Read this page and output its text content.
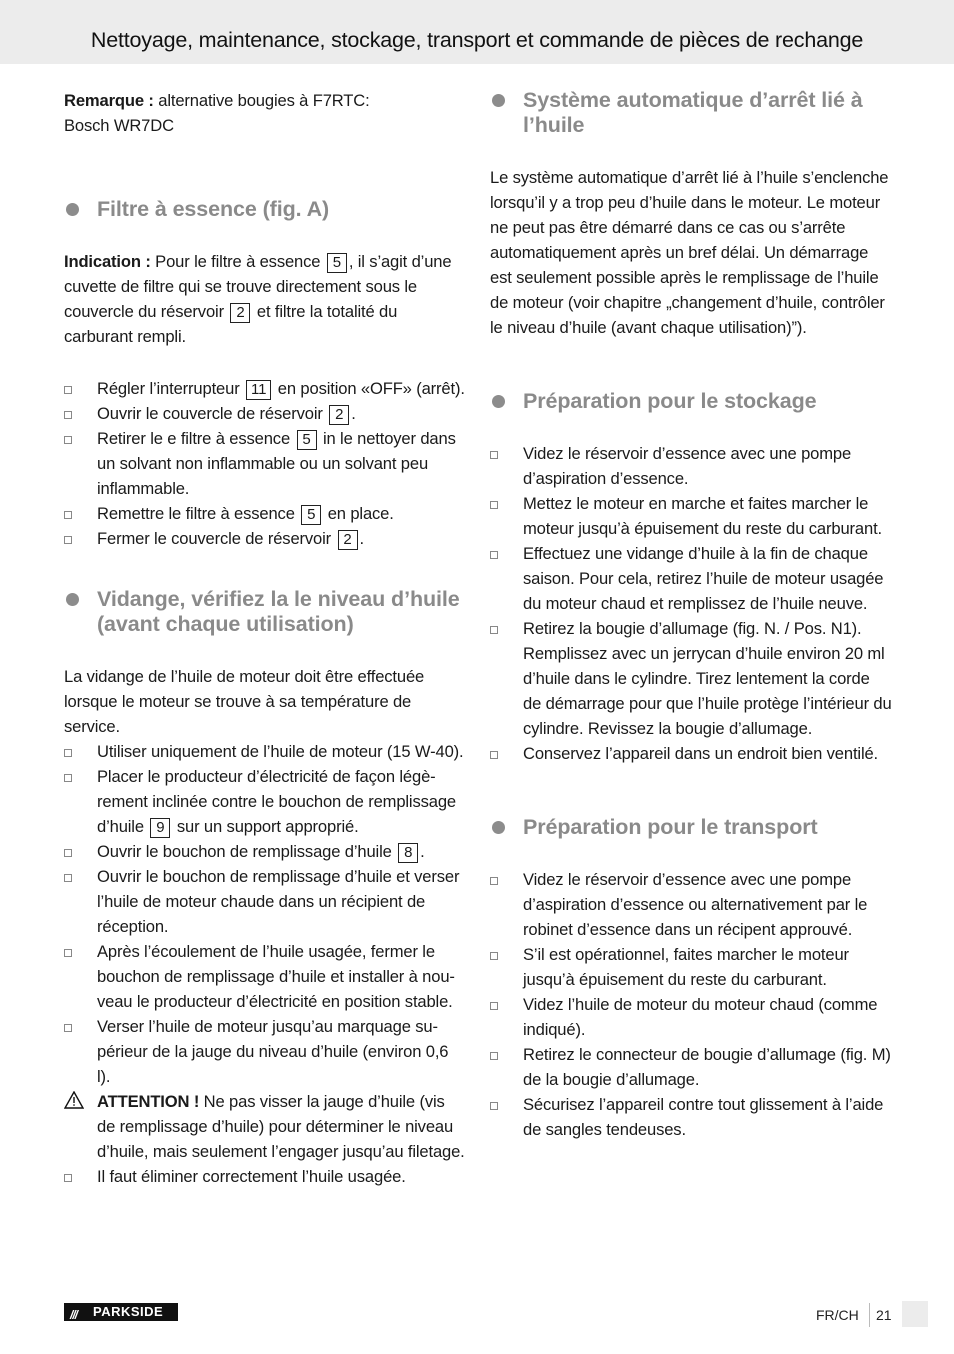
Nettoyage, maintenance, stockage, transport et commande de pièces de rechange

Remarque : alternative bougies à F7RTC:
Bosch WR7DC

Filtre à essence (fig. A)

Indication : Pour le filtre à essence 5 , il s’agit d’une cuvette de filtre qui se trouve directement sous le couvercle du réservoir 2 et filtre la totalité du carburant rempli.

Régler l’interrupteur 11 en position «OFF» (arrêt).
Ouvrir le couvercle de réservoir 2 .
Retirer le e filtre à essence 5 in le nettoyer dans un solvant non inflammable ou un solvant peu inflammable.
Remettre le filtre à essence 5 en place.
Fermer le couvercle de réservoir 2 .
Vidange, vérifiez la le niveau d’huile (avant chaque utilisation)

La vidange de l’huile de moteur doit être effectuée lorsque le moteur se trouve à sa température de service.

Utiliser uniquement de l’huile de moteur (15 W-40).
Placer le producteur d’électricité de façon légèrement inclinée contre le bouchon de remplissage d’huile 9 sur un support approprié.
Ouvrir le bouchon de remplissage d’huile 8 .
Ouvrir le bouchon de remplissage d’huile et verser l’huile de moteur chaude dans un récipient de réception.
Après l’écoulement de l’huile usagée, fermer le bouchon de remplissage d’huile et installer à nouveau le producteur d’électricité en position stable.
Verser l’huile de moteur jusqu’au marquage supérieur de la jauge du niveau d’huile (environ 0,6 l).
ATTENTION ! Ne pas visser la jauge d’huile (vis de remplissage d’huile) pour déterminer le niveau d’huile, mais seulement l’engager jusqu’au filetage.
Il faut éliminer correctement l’huile usagée.
Système automatique d’arrêt lié à l’huile

Le système automatique d’arrêt lié à l’huile s’enclenche lorsqu’il y a trop peu d’huile dans le moteur. Le moteur ne peut pas être démarré dans ce cas ou s’arrête automatiquement après un bref délai. Un démarrage est seulement possible après le remplissage de l’huile de moteur (voir chapitre „changement d’huile, contrôler le niveau d’huile (avant chaque utilisation)”).

Préparation pour le stockage
Videz le réservoir d’essence avec une pompe d’aspiration d’essence.
Mettez le moteur en marche et faites marcher le moteur jusqu’à épuisement du reste du carburant.
Effectuez une vidange d’huile à la fin de chaque saison. Pour cela, retirez l’huile de moteur usagée du moteur chaud et remplissez de l’huile neuve.
Retirez la bougie d’allumage (fig. N. / Pos. N1). Remplissez avec un jerrycan d’huile environ 20 ml d’huile dans le cylindre. Tirez lentement la corde de démarrage pour que l’huile protège l’intérieur du cylindre. Revissez la bougie d’allumage.
Conservez l’appareil dans un endroit bien ventilé.
Préparation pour le transport
Videz le réservoir d’essence avec une pompe d’aspiration d’essence ou alternativement par le robinet d’essence dans un récipent approuvé.
S’il est opérationnel, faites marcher le moteur jusqu’à épuisement du reste du carburant.
Videz l’huile de moteur du moteur chaud (comme indiqué).
Retirez le connecteur de bougie d’allumage (fig. M) de la bougie d’allumage.
Sécurisez l’appareil contre tout glissement à l’aide de sangles tendeuses.
/// PARKSIDE	FR/CH 21
